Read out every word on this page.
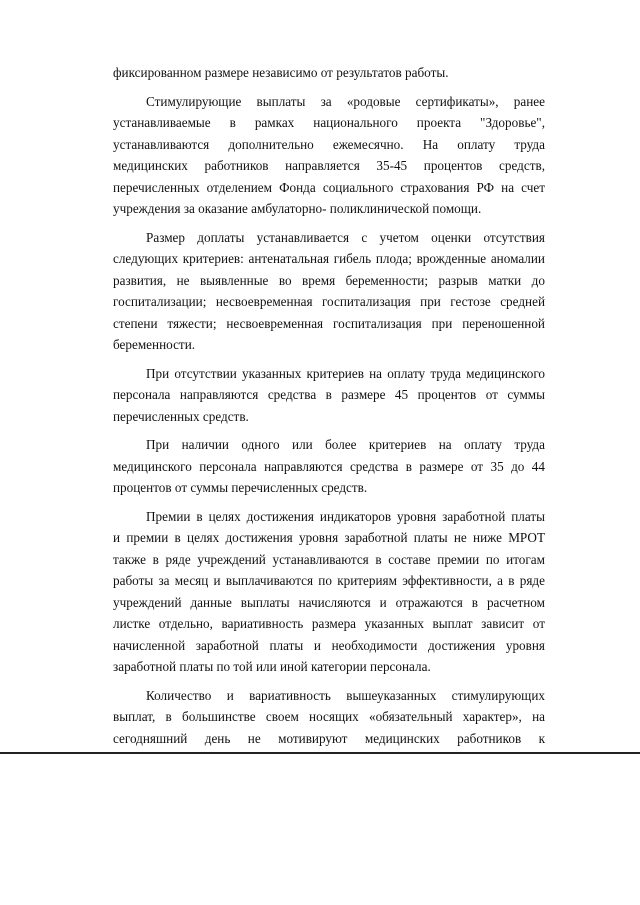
фиксированном размере независимо от результатов работы.
Стимулирующие выплаты за «родовые сертификаты», ранее
устанавливаемые в рамках национального проекта "Здоровье",
устанавливаются дополнительно ежемесячно. На оплату труда
медицинских работников направляется 35-45 процентов средств,
перечисленных отделением Фонда социального страхования РФ на счет
учреждения за оказание амбулаторно- поликлинической помощи.
Размер доплаты устанавливается с учетом оценки отсутствия
следующих критериев: антенатальная гибель плода; врожденные аномалии
развития, не выявленные во время беременности; разрыв матки до
госпитализации; несвоевременная госпитализация при гестозе средней
степени тяжести; несвоевременная госпитализация при переношенной
беременности.
При отсутствии указанных критериев на оплату труда медицинского
персонала направляются средства в размере 45 процентов от суммы
перечисленных средств.
При наличии одного или более критериев на оплату труда
медицинского персонала направляются средства в размере от 35 до 44
процентов от суммы перечисленных средств.
Премии в целях достижения индикаторов уровня заработной платы
и премии в целях достижения уровня заработной платы не ниже МРОТ
также в ряде учреждений устанавливаются в составе премии по итогам
работы за месяц и выплачиваются по критериям эффективности, а в ряде
учреждений данные выплаты начисляются и отражаются в расчетном
листке отдельно, вариативность размера указанных выплат зависит от
начисленной заработной платы и необходимости достижения уровня
заработной платы по той или иной категории персонала.
Количество и вариативность вышеуказанных стимулирующих
выплат, в большинстве своем носящих «обязательный характер», на
сегодняшний день не мотивируют медицинских работников к
